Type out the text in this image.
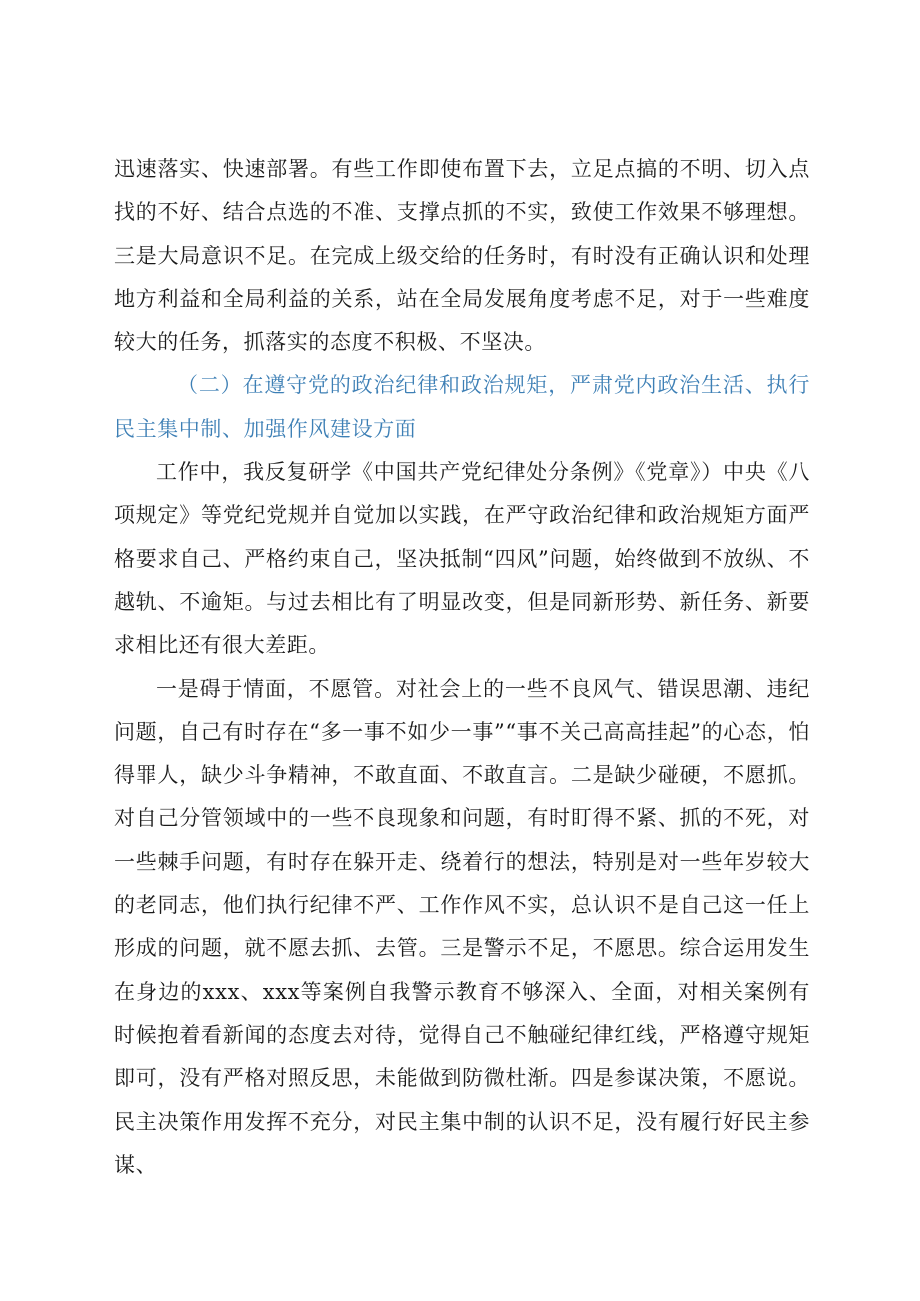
迅速落实、快速部署。有些工作即使布置下去，立足点搞的不明、切入点找的不好、结合点选的不准、支撑点抓的不实，致使工作效果不够理想。三是大局意识不足。在完成上级交给的任务时，有时没有正确认识和处理地方利益和全局利益的关系，站在全局发展角度考虑不足，对于一些难度较大的任务，抓落实的态度不积极、不坚决。

（二）在遵守党的政治纪律和政治规矩，严肃党内政治生活、执行民主集中制、加强作风建设方面

工作中，我反复研学《中国共产党纪律处分条例》《党章》）中央《八项规定》等党纪党规并自觉加以实践，在严守政治纪律和政治规矩方面严格要求自己、严格约束自己，坚决抵制“四风”问题，始终做到不放纵、不越轨、不逾矩。与过去相比有了明显改变，但是同新形势、新任务、新要求相比还有很大差距。

一是碍于情面，不愿管。对社会上的一些不良风气、错误思潮、违纪问题，自己有时存在“多一事不如少一事”“事不关己高高挂起”的心态，怕得罪人，缺少斗争精神，不敢直面、不敢直言。二是缺少碰硬，不愿抓。对自己分管领域中的一些不良现象和问题，有时盯得不紧、抓的不死，对一些棘手问题，有时存在躲开走、绕着行的想法，特别是对一些年岁较大的老同志，他们执行纪律不严、工作作风不实，总认识不是自己这一任上形成的问题，就不愿去抓、去管。三是警示不足，不愿思。综合运用发生在身边的xxx、xxx等案例自我警示教育不够深入、全面，对相关案例有时候抱着看新闻的态度去对待，觉得自己不触碰纪律红线，严格遵守规矩即可，没有严格对照反思，未能做到防微杜渐。四是参谋决策，不愿说。民主决策作用发挥不充分，对民主集中制的认识不足，没有履行好民主参谋、
